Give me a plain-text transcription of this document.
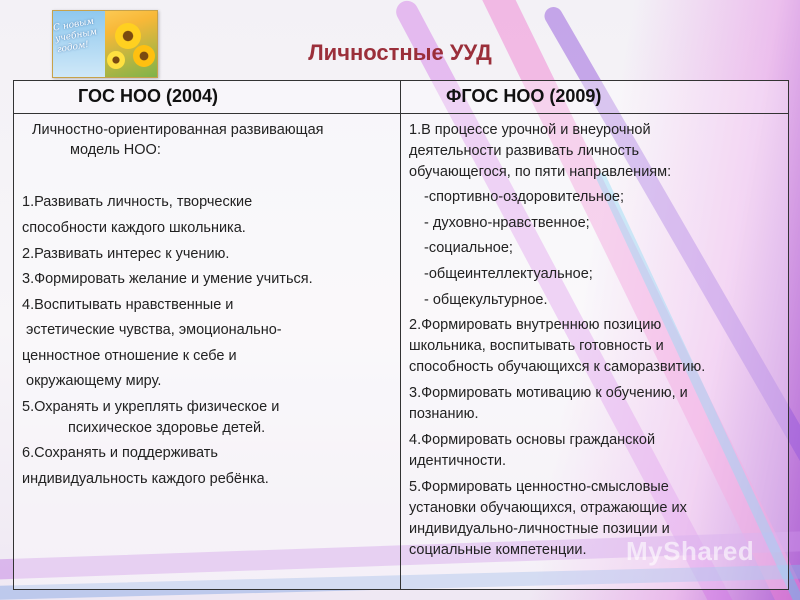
С новым учебным годом!	Личностные УУД
ГОС НОО (2004)	ФГОС НОО (2009)
Личностно-ориентированная развивающая
модель НОО:
1.Развивать личность, творческие
способности каждого школьника.
2.Развивать интерес к учению.
3.Формировать желание и умение учиться.
4.Воспитывать нравственные и
эстетические чувства, эмоционально-
ценностное отношение к себе и
окружающему миру.
5.Охранять и укреплять физическое и
психическое здоровье детей.
6.Сохранять и поддерживать
индивидуальность каждого ребёнка.
1.В процессе урочной и внеурочной
деятельности развивать личность
обучающегося, по пяти направлениям:
-спортивно-оздоровительное;
- духовно-нравственное;
-социальное;
-общеинтеллектуальное;
- общекультурное.
2.Формировать внутреннюю позицию
школьника, воспитывать готовность и
способность обучающихся к саморазвитию.
3.Формировать мотивацию к обучению, и
познанию.
4.Формировать основы гражданской
идентичности.
5.Формировать ценностно-смысловые
установки обучающихся, отражающие их
индивидуально-личностные позиции и
социальные компетенции. MyShared
